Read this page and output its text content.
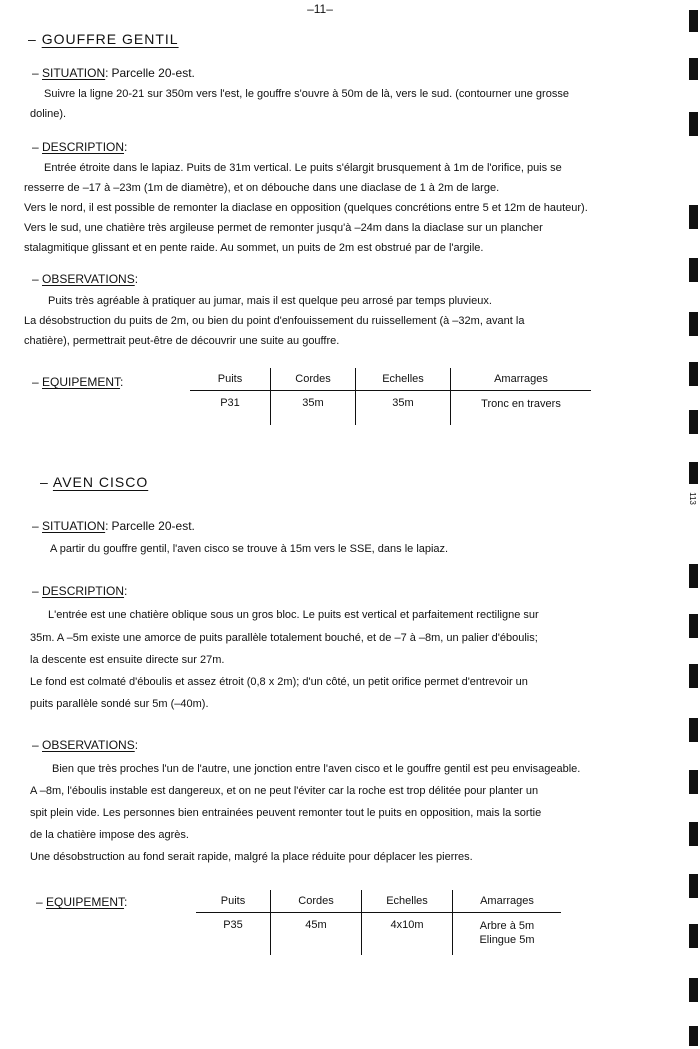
–11–
113
– GOUFFRE GENTIL
– SITUATION: Parcelle 20-est.
Suivre la ligne 20-21 sur 350m vers l'est, le gouffre s'ouvre à 50m de là, vers le sud. (contourner une grosse
doline).
– DESCRIPTION:
Entrée étroite dans le lapiaz. Puits de 31m vertical. Le puits s'élargit brusquement à 1m de l'orifice, puis se
resserre de –17 à –23m (1m de diamètre), et on débouche dans une diaclase de 1 à 2m de large.
Vers le nord, il est possible de remonter la diaclase en opposition (quelques concrétions entre 5 et 12m de hauteur).
Vers le sud, une chatière très argileuse permet de remonter jusqu'à –24m dans la diaclase sur un plancher
stalagmitique glissant et en pente raide. Au sommet, un puits de 2m est obstrué par de l'argile.
– OBSERVATIONS:
Puits très agréable à pratiquer au jumar, mais il est quelque peu arrosé par temps pluvieux.
La désobstruction du puits de 2m, ou bien du point d'enfouissement du ruissellement (à –32m, avant la
chatière), permettrait peut-être de découvrir une suite au gouffre.
– EQUIPEMENT:	Puits	Cordes	Echelles	Amarrages
P31	35m	35m	Tronc en travers
– AVEN CISCO
– SITUATION: Parcelle 20-est.
A partir du gouffre gentil, l'aven cisco se trouve à 15m vers le SSE, dans le lapiaz.
– DESCRIPTION:
L'entrée est une chatière oblique sous un gros bloc. Le puits est vertical et parfaitement rectiligne sur
35m. A –5m existe une amorce de puits parallèle totalement bouché, et de –7 à –8m, un palier d'éboulis;
la descente est ensuite directe sur 27m.
Le fond est colmaté d'éboulis et assez étroit (0,8 x 2m); d'un côté, un petit orifice permet d'entrevoir un
puits parallèle sondé sur 5m (–40m).
– OBSERVATIONS:
Bien que très proches l'un de l'autre, une jonction entre l'aven cisco et le gouffre gentil est peu envisageable.
A –8m, l'éboulis instable est dangereux, et on ne peut l'éviter car la roche est trop délitée pour planter un
spit plein vide. Les personnes bien entrainées peuvent remonter tout le puits en opposition, mais la sortie
de la chatière impose des agrès.
Une désobstruction au fond serait rapide, malgré la place réduite pour déplacer les pierres.
– EQUIPEMENT:	Puits	Cordes	Echelles	Amarrages
P35	45m	4x10m	Arbre à 5m
Elingue 5m
